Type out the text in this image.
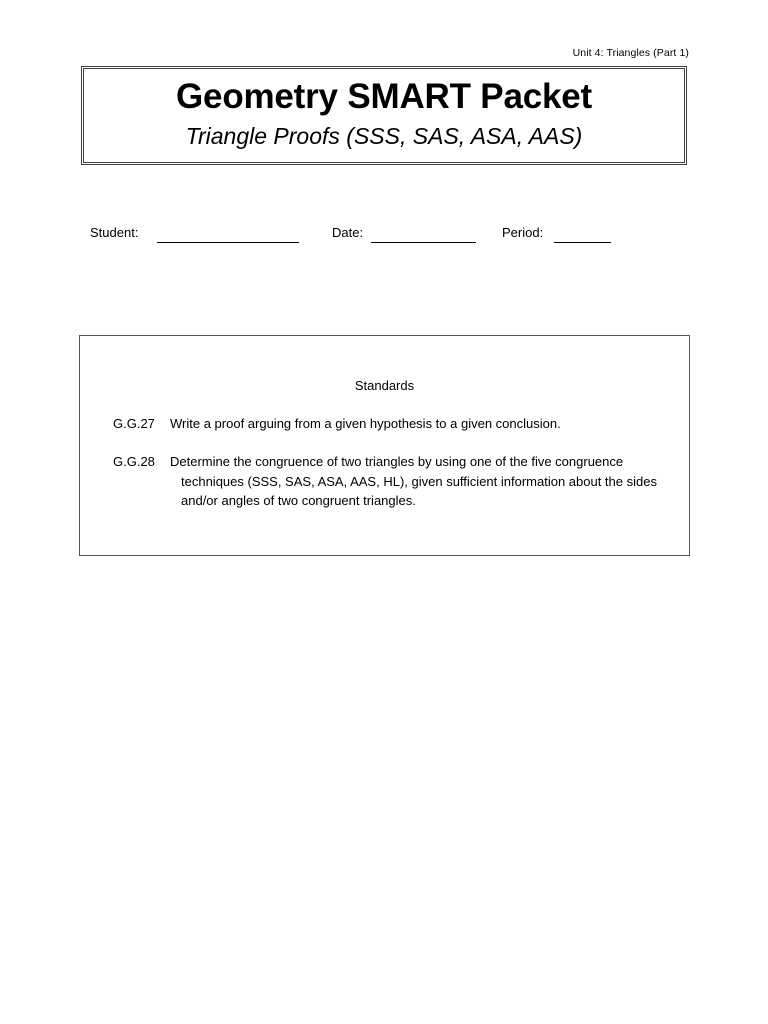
Unit 4: Triangles (Part 1)
Geometry SMART Packet
Triangle Proofs (SSS, SAS, ASA, AAS)
Student:	Date:	Period:
Standards
G.G.27 Write a proof arguing from a given hypothesis to a given conclusion.
G.G.28 Determine the congruence of two triangles by using one of the five congruence techniques (SSS, SAS, ASA, AAS, HL), given sufficient information about the sides and/or angles of two congruent triangles.
